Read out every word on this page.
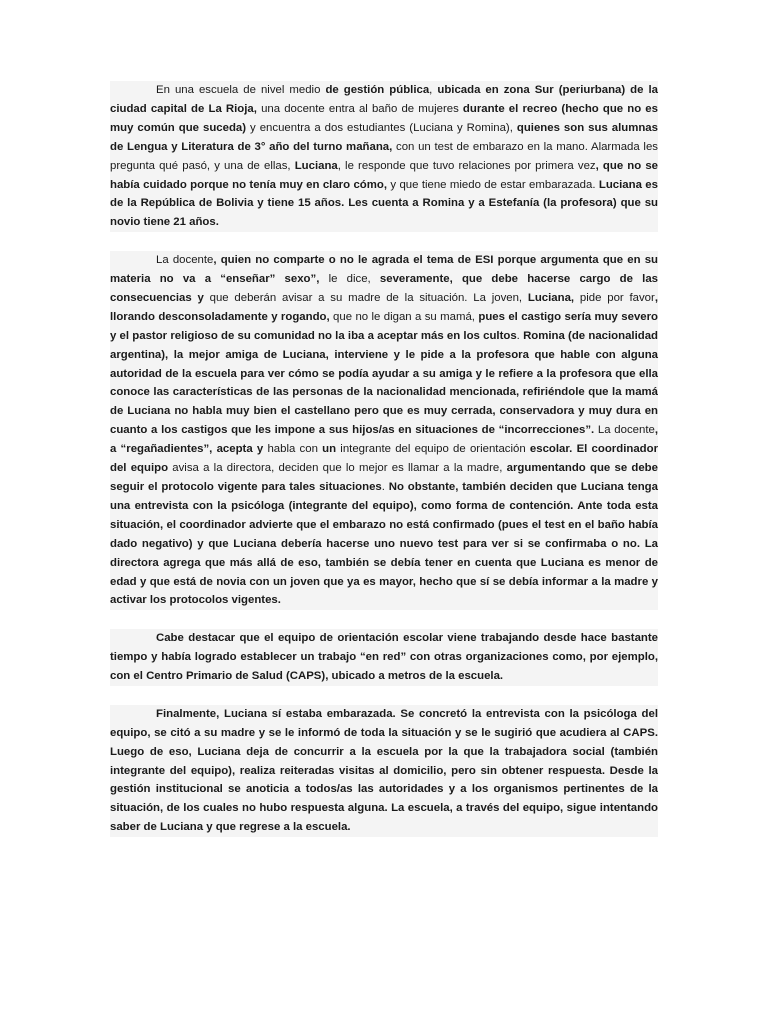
En una escuela de nivel medio de gestión pública, ubicada en zona Sur (periurbana) de la ciudad capital de La Rioja, una docente entra al baño de mujeres durante el recreo (hecho que no es muy común que suceda) y encuentra a dos estudiantes (Luciana y Romina), quienes son sus alumnas de Lengua y Literatura de 3° año del turno mañana, con un test de embarazo en la mano. Alarmada les pregunta qué pasó, y una de ellas, Luciana, le responde que tuvo relaciones por primera vez, que no se había cuidado porque no tenía muy en claro cómo, y que tiene miedo de estar embarazada. Luciana es de la República de Bolivia y tiene 15 años. Les cuenta a Romina y a Estefanía (la profesora) que su novio tiene 21 años.

La docente, quien no comparte o no le agrada el tema de ESI porque argumenta que en su materia no va a “enseñar” sexo”, le dice, severamente, que debe hacerse cargo de las consecuencias y que deberán avisar a su madre de la situación. La joven, Luciana, pide por favor, llorando desconsoladamente y rogando, que no le digan a su mamá, pues el castigo sería muy severo y el pastor religioso de su comunidad no la iba a aceptar más en los cultos. Romina (de nacionalidad argentina), la mejor amiga de Luciana, interviene y le pide a la profesora que hable con alguna autoridad de la escuela para ver cómo se podía ayudar a su amiga y le refiere a la profesora que ella conoce las características de las personas de la nacionalidad mencionada, refiriéndole que la mamá de Luciana no habla muy bien el castellano pero que es muy cerrada, conservadora y muy dura en cuanto a los castigos que les impone a sus hijos/as en situaciones de “incorrecciones”. La docente, a “regañadientes”, acepta y habla con un integrante del equipo de orientación escolar. El coordinador del equipo avisa a la directora, deciden que lo mejor es llamar a la madre, argumentando que se debe seguir el protocolo vigente para tales situaciones. No obstante, también deciden que Luciana tenga una entrevista con la psicóloga (integrante del equipo), como forma de contención. Ante toda esta situación, el coordinador advierte que el embarazo no está confirmado (pues el test en el baño había dado negativo) y que Luciana debería hacerse uno nuevo test para ver si se confirmaba o no. La directora agrega que más allá de eso, también se debía tener en cuenta que Luciana es menor de edad y que está de novia con un joven que ya es mayor, hecho que sí se debía informar a la madre y activar los protocolos vigentes.

Cabe destacar que el equipo de orientación escolar viene trabajando desde hace bastante tiempo y había logrado establecer un trabajo “en red” con otras organizaciones como, por ejemplo, con el Centro Primario de Salud (CAPS), ubicado a metros de la escuela.

Finalmente, Luciana sí estaba embarazada. Se concretó la entrevista con la psicóloga del equipo, se citó a su madre y se le informó de toda la situación y se le sugirió que acudiera al CAPS. Luego de eso, Luciana deja de concurrir a la escuela por la que la trabajadora social (también integrante del equipo), realiza reiteradas visitas al domicilio, pero sin obtener respuesta. Desde la gestión institucional se anoticia a todos/as las autoridades y a los organismos pertinentes de la situación, de los cuales no hubo respuesta alguna. La escuela, a través del equipo, sigue intentando saber de Luciana y que regrese a la escuela.
